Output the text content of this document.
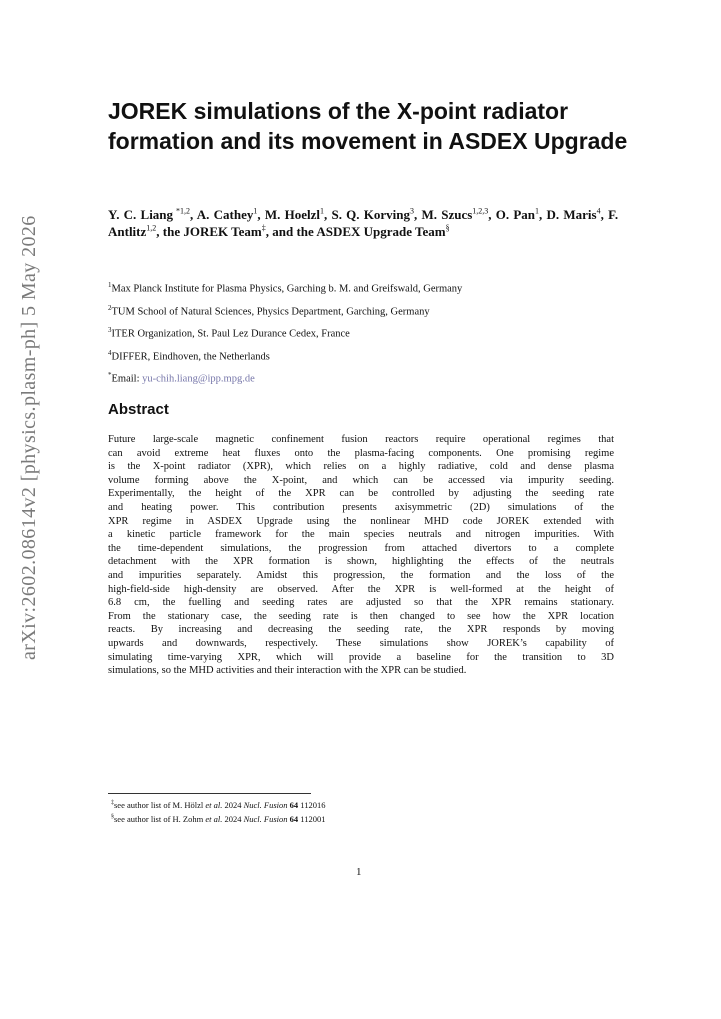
arXiv:2602.08614v2 [physics.plasm-ph] 5 May 2026
JOREK simulations of the X-point radiator formation and its movement in ASDEX Upgrade
Y. C. Liang $^{*1,2}$, A. Cathey$^1$, M. Hoelzl$^1$, S. Q. Korving$^3$, M. Szucs$^{1,2,3}$, O. Pan$^1$, D. Maris$^4$, F. Antlitz$^{1,2}$, the JOREK Team‡, and the ASDEX Upgrade Team§
$^1$Max Planck Institute for Plasma Physics, Garching b. M. and Greifswald, Germany
$^2$TUM School of Natural Sciences, Physics Department, Garching, Germany
$^3$ITER Organization, St. Paul Lez Durance Cedex, France
$^4$DIFFER, Eindhoven, the Netherlands
*Email: yu-chih.liang@ipp.mpg.de
Abstract
Future large-scale magnetic confinement fusion reactors require operational regimes that
can avoid extreme heat fluxes onto the plasma-facing components. One promising regime
is the X-point radiator (XPR), which relies on a highly radiative, cold and dense plasma
volume forming above the X-point, and which can be accessed via impurity seeding.
Experimentally, the height of the XPR can be controlled by adjusting the seeding rate
and heating power. This contribution presents axisymmetric (2D) simulations of the
XPR regime in ASDEX Upgrade using the nonlinear MHD code JOREK extended with
a kinetic particle framework for the main species neutrals and nitrogen impurities. With
the time-dependent simulations, the progression from attached divertors to a complete
detachment with the XPR formation is shown, highlighting the effects of the neutrals
and impurities separately. Amidst this progression, the formation and the loss of the
high-field-side high-density are observed. After the XPR is well-formed at the height of
6.8 cm, the fuelling and seeding rates are adjusted so that the XPR remains stationary.
From the stationary case, the seeding rate is then changed to see how the XPR location
reacts. By increasing and decreasing the seeding rate, the XPR responds by moving
upwards and downwards, respectively. These simulations show JOREK’s capability of
simulating time-varying XPR, which will provide a baseline for the transition to 3D
simulations, so the MHD activities and their interaction with the XPR can be studied.
‡see author list of M. Hölzl et al. 2024 Nucl. Fusion 64 112016
§see author list of H. Zohm et al. 2024 Nucl. Fusion 64 112001
1
